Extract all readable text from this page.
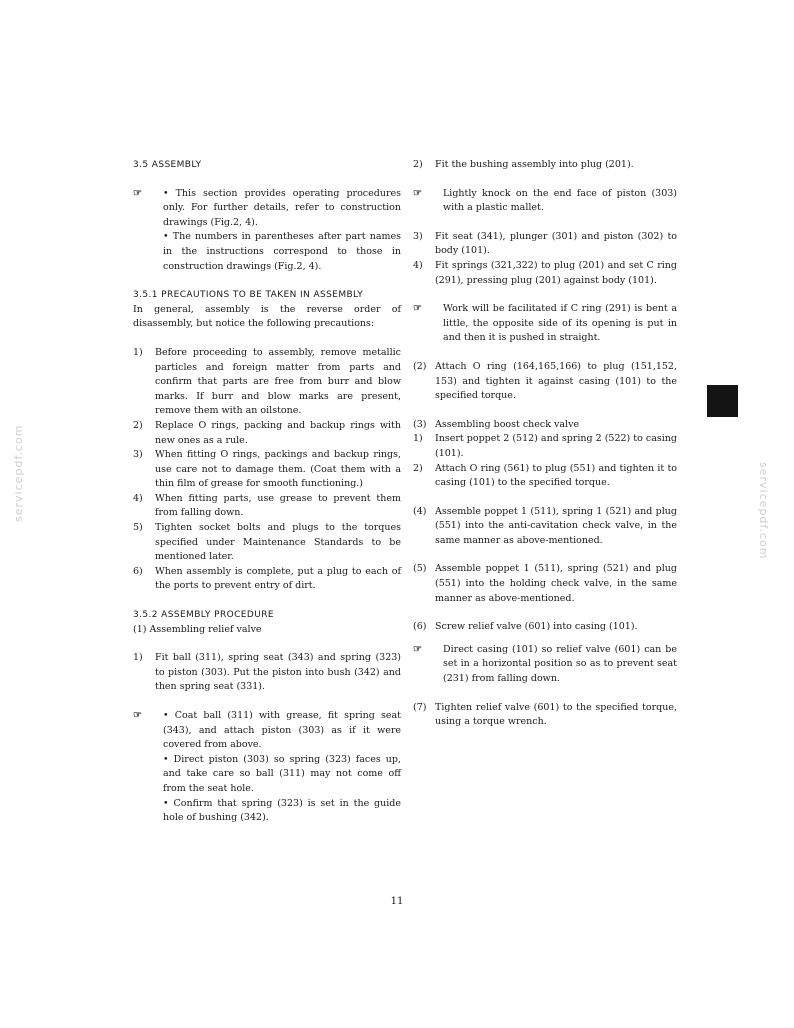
servicepdf.com	servicepdf.com

3.5 ASSEMBLY

☞ • This section provides operating procedures only. For further details, refer to construction drawings (Fig.2, 4).

• The numbers in parentheses after part names in the instructions correspond to those in construction drawings (Fig.2, 4).

3.5.1 PRECAUTIONS TO BE TAKEN IN ASSEMBLY

In general, assembly is the reverse order of disassembly, but notice the following precautions:

1) Before proceeding to assembly, remove metallic particles and foreign matter from parts and confirm that parts are free from burr and blow marks. If burr and blow marks are present, remove them with an oilstone.
2) Replace O rings, packing and backup rings with new ones as a rule.
3) When fitting O rings, packings and backup rings, use care not to damage them. (Coat them with a thin film of grease for smooth functioning.)
4) When fitting parts, use grease to prevent them from falling down.
5) Tighten socket bolts and plugs to the torques specified under Maintenance Standards to be mentioned later.
6) When assembly is complete, put a plug to each of the ports to prevent entry of dirt.

3.5.2 ASSEMBLY PROCEDURE

(1) Assembling relief valve

1) Fit ball (311), spring seat (343) and spring (323) to piston (303). Put the piston into bush (342) and then spring seat (331).
☞ • Coat ball (311) with grease, fit spring seat (343), and attach piston (303) as if it were covered from above.

• Direct piston (303) so spring (323) faces up, and take care so ball (311) may not come off from the seat hole.

• Confirm that spring (323) is set in the guide hole of bushing (342).

2) Fit the bushing assembly into plug (201).
☞ Lightly knock on the end face of piston (303) with a plastic mallet.

3) Fit seat (341), plunger (301) and piston (302) to body (101).
4) Fit springs (321,322) to plug (201) and set C ring (291), pressing plug (201) against body (101).
☞ Work will be facilitated if C ring (291) is bent a little, the opposite side of its opening is put in and then it is pushed in straight.

(2) Attach O ring (164,165,166) to plug (151,152, 153) and tighten it against casing (101) to the specified torque.
(3) Assembling boost check valve
1) Insert poppet 2 (512) and spring 2 (522) to casing (101).
2) Attach O ring (561) to plug (551) and tighten it to casing (101) to the specified torque.
(4) Assemble poppet 1 (511), spring 1 (521) and plug (551) into the anti-cavitation check valve, in the same manner as above-mentioned.
(5) Assemble poppet 1 (511), spring (521) and plug (551) into the holding check valve, in the same manner as above-mentioned.
(6) Screw relief valve (601) into casing (101).
☞ Direct casing (101) so relief valve (601) can be set in a horizontal position so as to prevent seat (231) from falling down.

(7) Tighten relief valve (601) to the specified torque, using a torque wrench.
11
